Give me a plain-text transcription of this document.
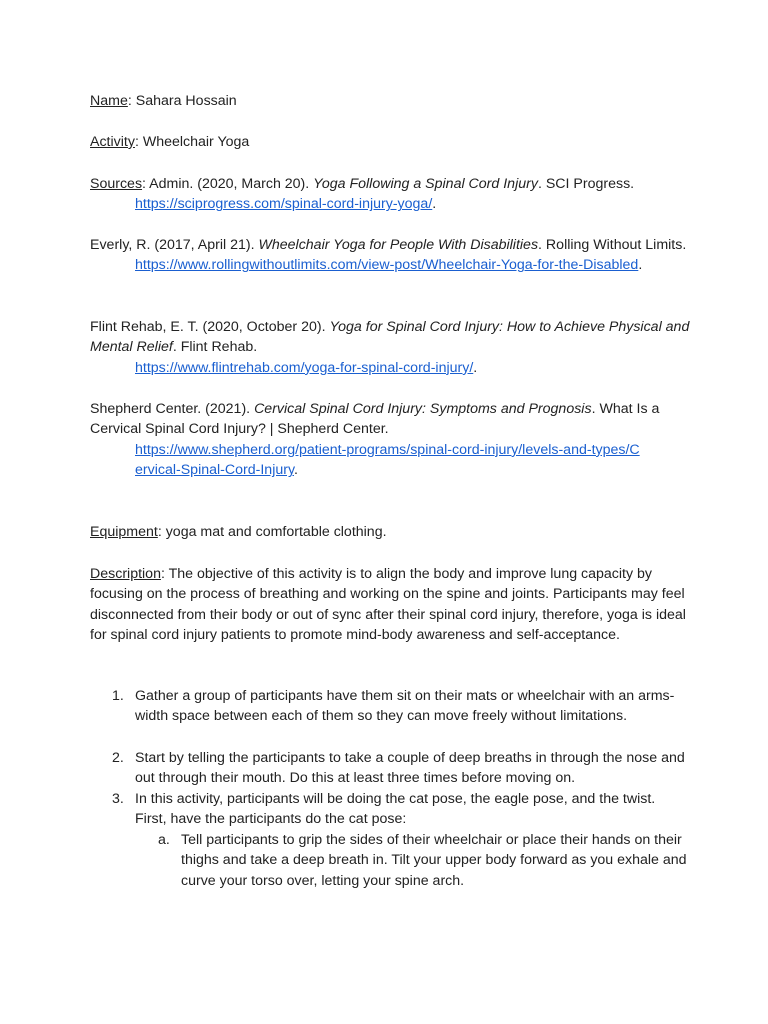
Name: Sahara Hossain

Activity: Wheelchair Yoga

Sources: Admin. (2020, March 20). Yoga Following a Spinal Cord Injury. SCI Progress.
https://sciprogress.com/spinal-cord-injury-yoga/.

Everly, R. (2017, April 21). Wheelchair Yoga for People With Disabilities. Rolling Without Limits.
https://www.rollingwithoutlimits.com/view-post/Wheelchair-Yoga-for-the-Disabled.

Flint Rehab, E. T. (2020, October 20). Yoga for Spinal Cord Injury: How to Achieve Physical and Mental Relief. Flint Rehab.
https://www.flintrehab.com/yoga-for-spinal-cord-injury/.

Shepherd Center. (2021). Cervical Spinal Cord Injury: Symptoms and Prognosis. What Is a Cervical Spinal Cord Injury? | Shepherd Center.
https://www.shepherd.org/patient-programs/spinal-cord-injury/levels-and-types/C
ervical-Spinal-Cord-Injury.

Equipment: yoga mat and comfortable clothing.

Description: The objective of this activity is to align the body and improve lung capacity by focusing on the process of breathing and working on the spine and joints. Participants may feel disconnected from their body or out of sync after their spinal cord injury, therefore, yoga is ideal for spinal cord injury patients to promote mind-body awareness and self-acceptance.

1. Gather a group of participants have them sit on their mats or wheelchair with an arms-width space between each of them so they can move freely without limitations.
2. Start by telling the participants to take a couple of deep breaths in through the nose and out through their mouth. Do this at least three times before moving on.
3. In this activity, participants will be doing the cat pose, the eagle pose, and the twist. First, have the participants do the cat pose:
a. Tell participants to grip the sides of their wheelchair or place their hands on their thighs and take a deep breath in. Tilt your upper body forward as you exhale and curve your torso over, letting your spine arch.
